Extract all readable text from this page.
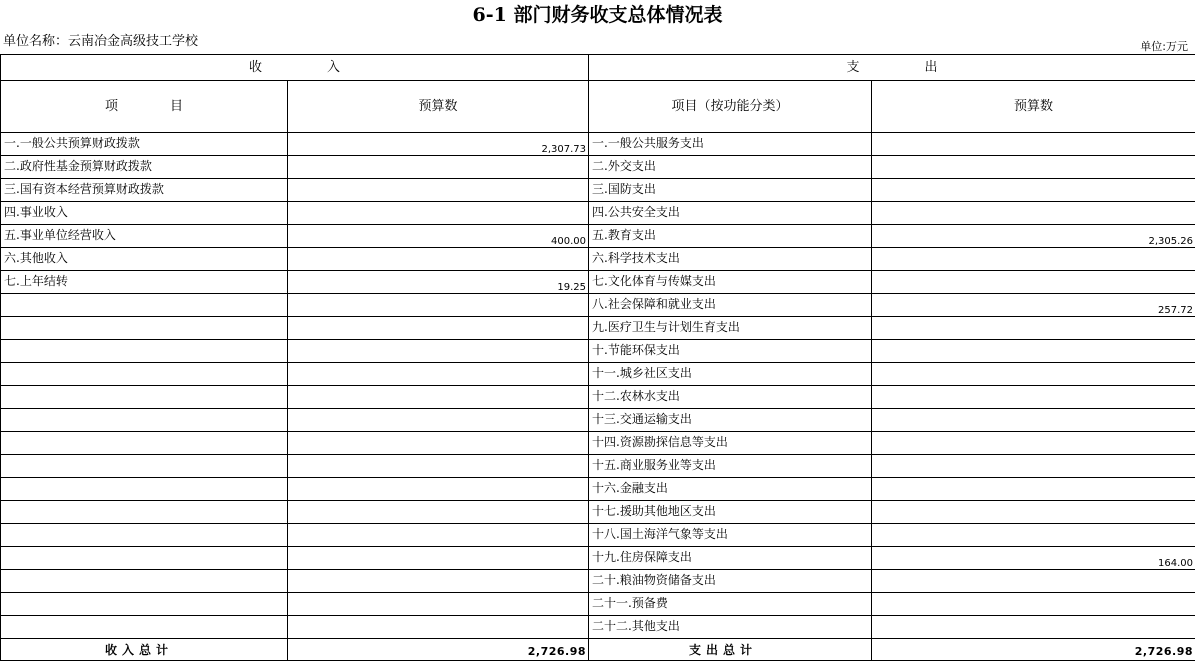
6-1 部门财务收支总体情况表
单位名称：云南冶金高级技工学校	单位:万元
收　　　　　入		支　　　　　出	
项　　　　目	预算数	项目（按功能分类）	预算数
一.一般公共预算财政拨款	2,307.73	一.一般公共服务支出	
二.政府性基金预算财政拨款		二.外交支出	
三.国有资本经营预算财政拨款		三.国防支出	
四.事业收入		四.公共安全支出	
五.事业单位经营收入	400.00	五.教育支出	2,305.26
六.其他收入		六.科学技术支出	
七.上年结转	19.25	七.文化体育与传媒支出	
		八.社会保障和就业支出	257.72
		九.医疗卫生与计划生育支出	
		十.节能环保支出	
		十一.城乡社区支出	
		十二.农林水支出	
		十三.交通运输支出	
		十四.资源勘探信息等支出	
		十五.商业服务业等支出	
		十六.金融支出	
		十七.援助其他地区支出	
		十八.国土海洋气象等支出	
		十九.住房保障支出	164.00
		二十.粮油物资储备支出	
		二十一.预备费	
		二十二.其他支出	
收入总计	2,726.98	支出总计	2,726.98
